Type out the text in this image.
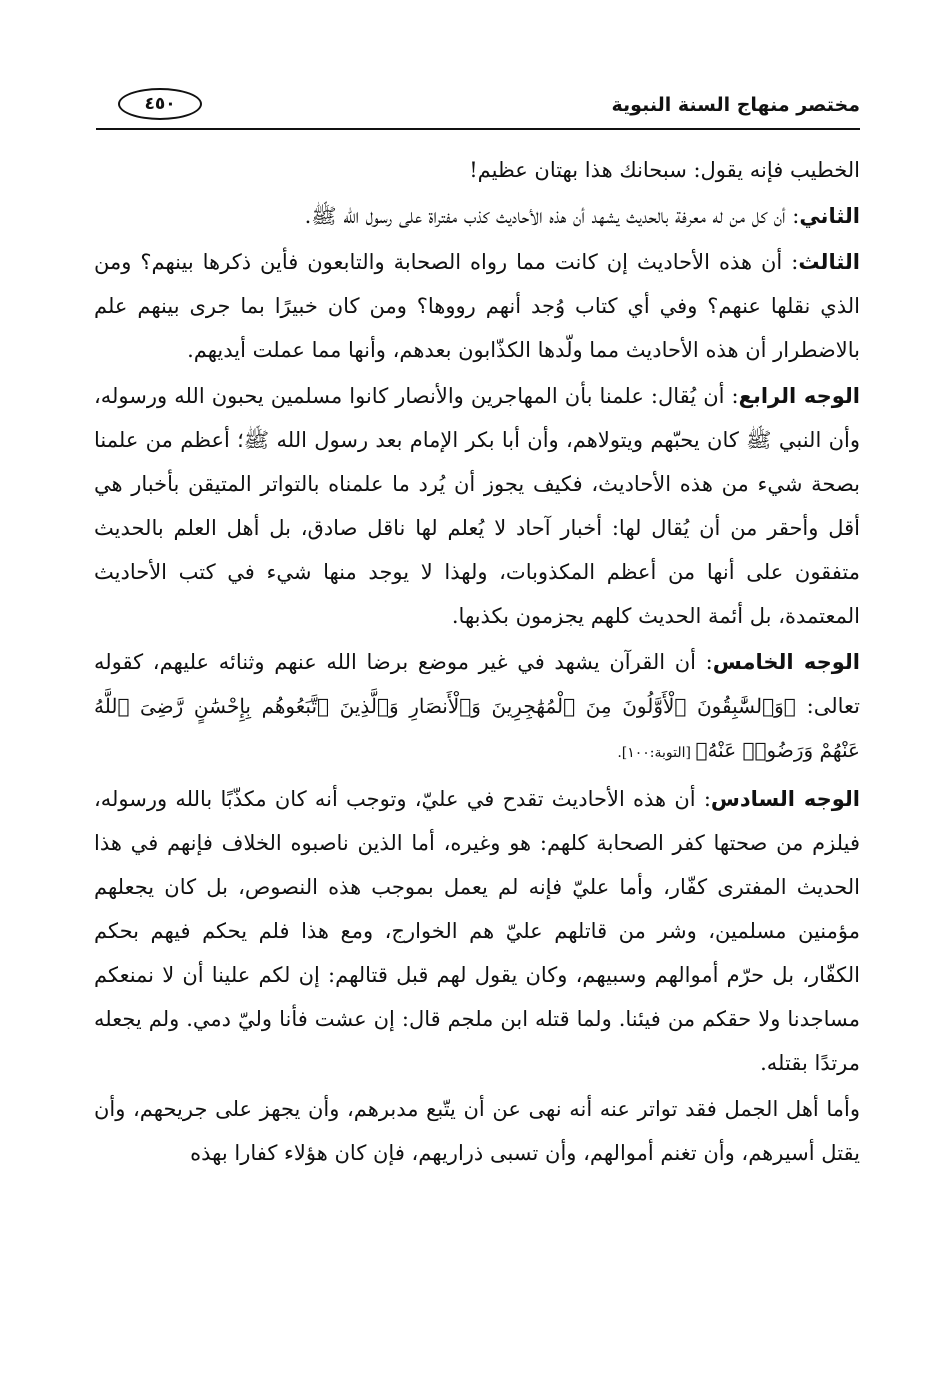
مختصر منهاج السنة النبوية
٤٥٠

الخطيب فإنه يقول: سبحانك هذا بهتان عظيم!

الثاني: أن كل من له معرفة بالحديث يشهد أن هذه الأحاديث كذب مفتراة على رسول الله ﷺ.

الثالث: أن هذه الأحاديث إن كانت مما رواه الصحابة والتابعون فأين ذكرها بينهم؟ ومن الذي نقلها عنهم؟ وفي أي كتاب وُجد أنهم رووها؟ ومن كان خبيرًا بما جرى بينهم علم بالاضطرار أن هذه الأحاديث مما ولّدها الكذّابون بعدهم، وأنها مما عملت أيديهم.

الوجه الرابع: أن يُقال: علمنا بأن المهاجرين والأنصار كانوا مسلمين يحبون الله ورسوله، وأن النبي ﷺ كان يحبّهم ويتولاهم، وأن أبا بكر الإمام بعد رسول الله ﷺ؛ أعظم من علمنا بصحة شيء من هذه الأحاديث، فكيف يجوز أن يُرد ما علمناه بالتواتر المتيقن بأخبار هي أقل وأحقر من أن يُقال لها: أخبار آحاد لا يُعلم لها ناقل صادق، بل أهل العلم بالحديث متفقون على أنها من أعظم المكذوبات، ولهذا لا يوجد منها شيء في كتب الأحاديث المعتمدة، بل أئمة الحديث كلهم يجزمون بكذبها.

الوجه الخامس: أن القرآن يشهد في غير موضع برضا الله عنهم وثنائه عليهم، كقوله تعالى: ﴿وَٱلسَّٰبِقُونَ ٱلْأَوَّلُونَ مِنَ ٱلْمُهَٰجِرِينَ وَٱلْأَنصَارِ وَٱلَّذِينَ ٱتَّبَعُوهُم بِإِحْسَٰنٍ رَّضِىَ ٱللَّهُ عَنْهُمْ وَرَضُوا۟ عَنْهُ﴾ [التوبة:١٠٠].

الوجه السادس: أن هذه الأحاديث تقدح في عليّ، وتوجب أنه كان مكذّبًا بالله ورسوله، فيلزم من صحتها كفر الصحابة كلهم: هو وغيره، أما الذين ناصبوه الخلاف فإنهم في هذا الحديث المفترى كفّار، وأما عليّ فإنه لم يعمل بموجب هذه النصوص، بل كان يجعلهم مؤمنين مسلمين، وشر من قاتلهم عليّ هم الخوارج، ومع هذا فلم يحكم فيهم بحكم الكفّار، بل حرّم أموالهم وسبيهم، وكان يقول لهم قبل قتالهم: إن لكم علينا أن لا نمنعكم مساجدنا ولا حقكم من فيئنا. ولما قتله ابن ملجم قال: إن عشت فأنا وليّ دمي. ولم يجعله مرتدًا بقتله.

وأما أهل الجمل فقد تواتر عنه أنه نهى عن أن يتّبع مدبرهم، وأن يجهز على جريحهم، وأن يقتل أسيرهم، وأن تغنم أموالهم، وأن تسبى ذراريهم، فإن كان هؤلاء كفارا بهذه
